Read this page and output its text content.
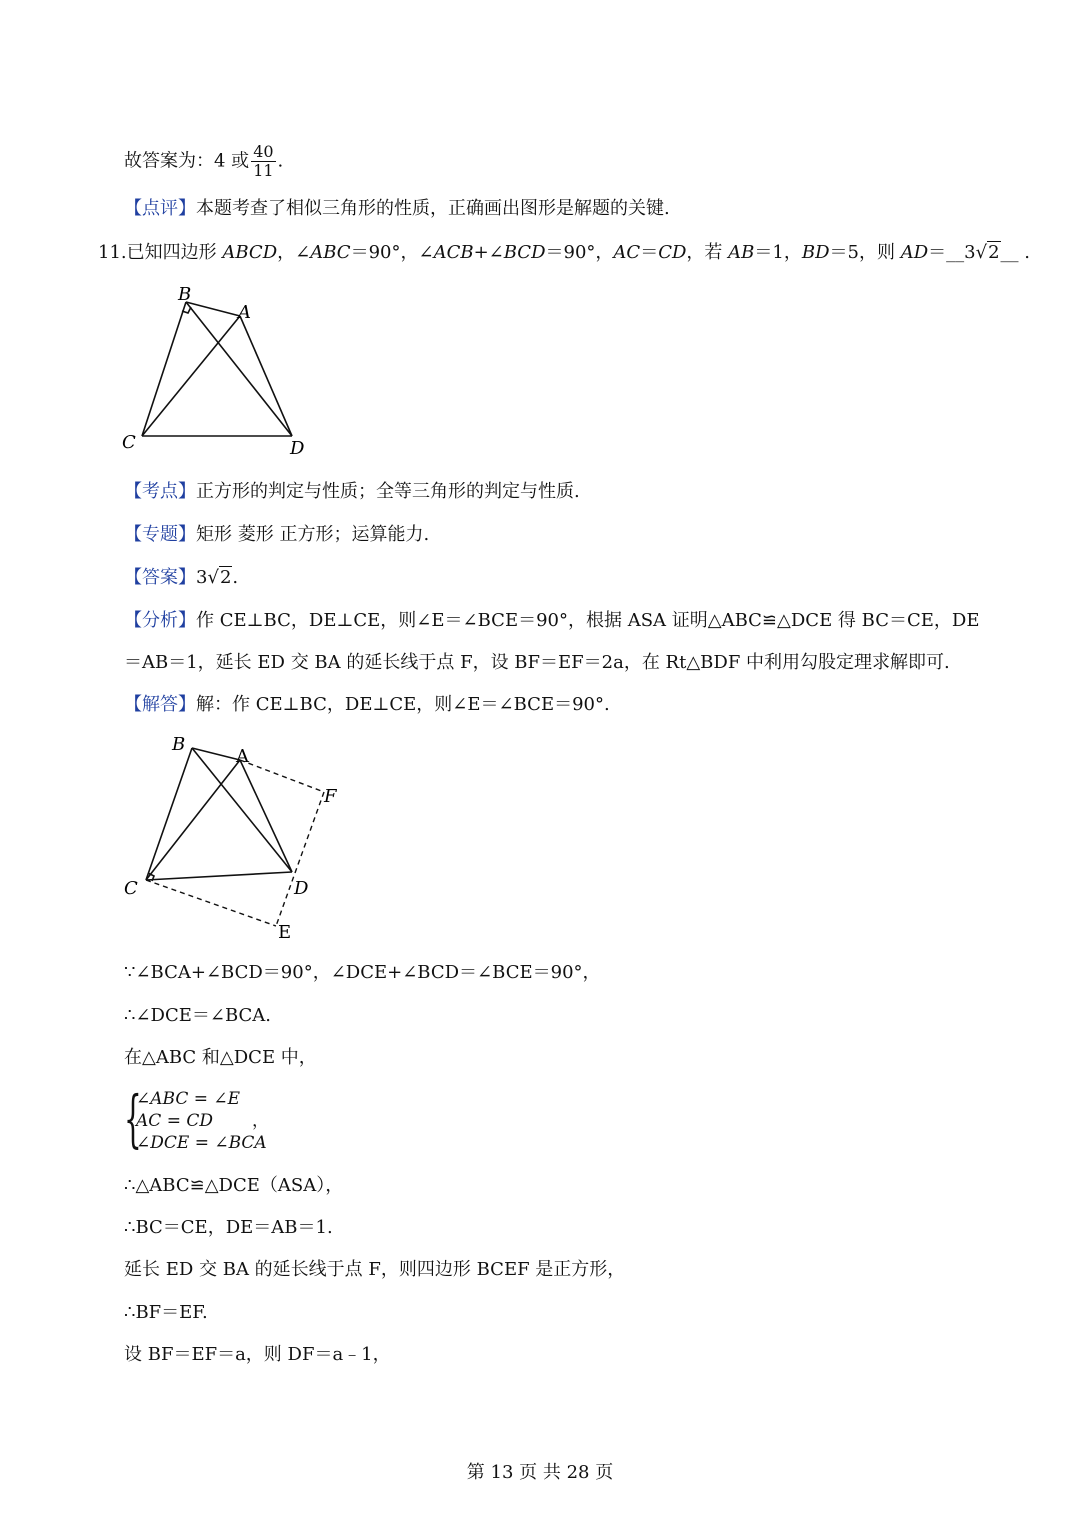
故答案为：4 或 $\frac{40}{11}$ .
【点评】本题考查了相似三角形的性质，正确画出图形是解题的关键.
11.已知四边形 ABCD，∠ABC＝90°，∠ACB+∠BCD＝90°，AC＝CD，若 AB＝1，BD＝5，则 AD＝__3√2__ .
B
A
C	D
【考点】正方形的判定与性质；全等三角形的判定与性质.
【专题】矩形 菱形 正方形；运算能力.
【答案】3√2.
【分析】作 CE⊥BC，DE⊥CE，则∠E＝∠BCE＝90°，根据 ASA 证明△ABC≌△DCE 得 BC＝CE，DE
＝AB＝1，延长 ED 交 BA 的延长线于点 F，设 BF＝EF＝2a，在 Rt△BDF 中利用勾股定理求解即可.
【解答】解：作 CE⊥BC，DE⊥CE，则∠E＝∠BCE＝90°.
B
A
F
C	D
E
∵∠BCA+∠BCD＝90°，∠DCE+∠BCD＝∠BCE＝90°，
∴∠DCE＝∠BCA.
在△ABC 和△DCE 中，
{
∠ABC = ∠E
AC = CD
∠DCE = ∠BCA
，
∴△ABC≌△DCE（ASA），
∴BC＝CE，DE＝AB＝1.
延长 ED 交 BA 的延长线于点 F，则四边形 BCEF 是正方形，
∴BF＝EF.
设 BF＝EF＝a，则 DF＝a﹣1，
第 13 页 共 28 页
